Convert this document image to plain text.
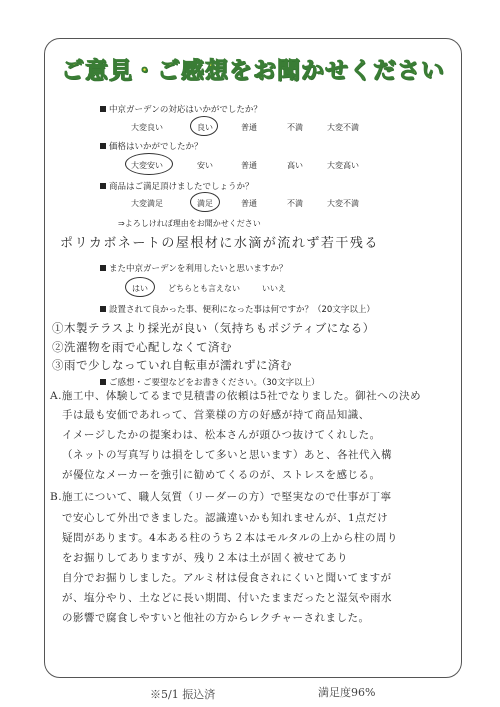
ご意見・ご感想をお聞かせください
中京ガーデンの対応はいかがでしたか？
大変良い	良い	普通	不満	大変不満
価格はいかがでしたか？
大変安い	安い	普通	高い	大変高い
商品はご満足頂けましたでしょうか？
大変満足	満足	普通	不満	大変不満
⇒よろしければ理由をお聞かせください
ポリカボネートの屋根材に水滴が流れず若干残る
また中京ガーデンを利用したいと思いますか？
はい	どちらとも言えない	いいえ
設置されて良かった事、便利になった事は何ですか？（20文字以上）
①木製テラスより採光が良い（気持ちもポジティブになる）
②洗濯物を雨で心配しなくて済む
③雨で少しなっていれ自転車が濡れずに済む
ご感想・ご要望などをお書きください。（30文字以上）
A.施工中、体験してるまで見積書の依頼は5社でなりました。御社への決め
手は最も安価であれって、営業様の方の好感が持て商品知識、
イメージしたかの提案わは、松本さんが頭ひつ抜けてくれした。
（ネットの写真写りは損をして多いと思います）あと、各社代入構
が優位なメーカーを強引に勧めてくるのが、ストレスを感じる。
B.施工について、職人気質（リーダーの方）で堅実なので仕事が丁寧
で安心して外出できました。認識違いかも知れませんが、1点だけ
疑問があります。4本ある柱のうち２本はモルタルの上から柱の周り
をお掘りしてありますが、残り２本は土が固く被せてあり
自分でお掘りしました。アルミ材は侵食されにくいと聞いてますが
が、塩分やり、土などに長い期間、付いたままだったと湿気や雨水
の影響で腐食しやすいと他社の方からレクチャーされました。
※5/1 振込済	満足度96%
